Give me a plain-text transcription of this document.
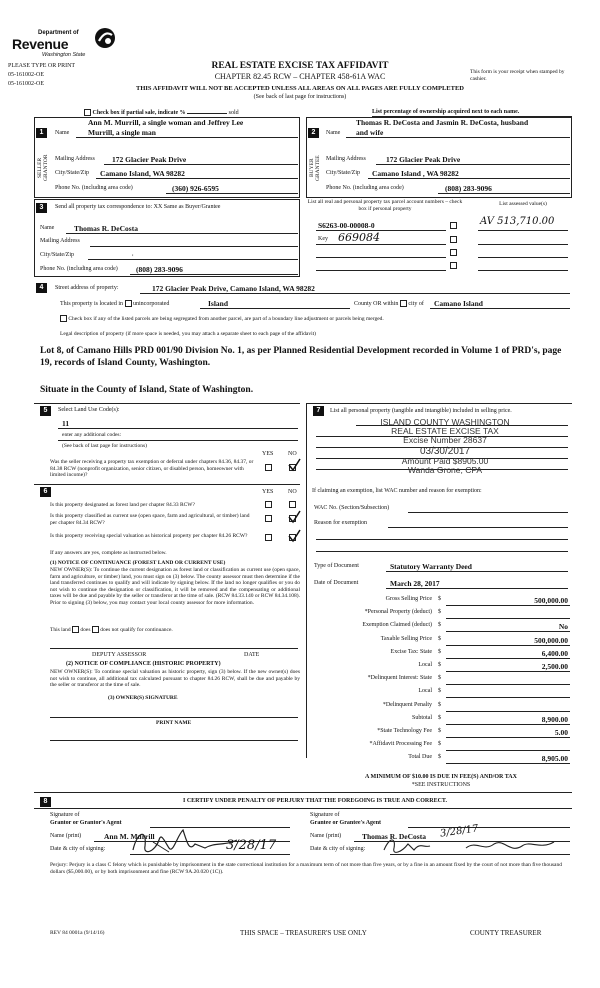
Department of
Revenue
Washington State
PLEASE TYPE OR PRINT
05-161002-OE
05-161002-OE
REAL ESTATE EXCISE TAX AFFIDAVIT
CHAPTER 82.45 RCW – CHAPTER 458-61A WAC	This form is your receipt when stamped by cashier.
THIS AFFIDAVIT WILL NOT BE ACCEPTED UNLESS ALL AREAS ON ALL PAGES ARE FULLY COMPLETED
(See back of last page for instructions)
Check box if partial sale, indicate %	sold	List percentage of ownership acquired next to each name.
1	Name
Ann M. Murrill, a single woman and Jeffrey Lee
Murrill, a single man
SELLER GRANTOR Mailing Address 172 Glacier Peak Drive
City/State/Zip Camano Island, WA 98282
Phone No. (including area code)	(360) 926-6595
2	Name
Thomas R. DeCosta and Jasmin R. DeCosta, husband
and wife
BUYER GRANTEE Mailing Address	172 Glacier Peak Drive
City/State/Zip Camano Island , WA 98282
Phone No. (including area code)	(808) 283-9096
3	Send all property tax correspondence to: XX Same as Buyer/Grantee
Name	Thomas R. DeCosta
Mailing Address
City/State/Zip	,
Phone No. (including area code) (808) 283-9096
List all real and personal property tax parcel account numbers – check box if personal property
List assessed value(s)
S6263-00-00008-0	AV 513,710.00
Key 669084
4	Street address of property:	172 Glacier Peak Drive, Camano Island, WA 98282
This property is located in unincorporated	Island	County OR within city of Camano Island
Check box if any of the listed parcels are being segregated from another parcel, are part of a boundary line adjustment or parcels being merged.
Legal description of property (if more space is needed, you may attach a separate sheet to each page of the affidavit)
Lot 8, of Camano Hills PRD 001/90 Division No. 1, as per Planned Residential Development recorded in Volume 1 of PRD's, page 19, records of Island County, Washington.
Situate in the County of Island, State of Washington.
5	Select Land Use Code(s):
11
enter any additional codes:
(See back of last page for instructions)
YES NO
Was the seller receiving a property tax exemption or deferral under chapters 84.36, 84.37, or 84.38 RCW (nonprofit organization, senior citizen, or disabled person, homeowner with limited income)?
6	YES NO
Is this property designated as forest land per chapter 84.33 RCW?
Is this property classified as current use (open space, farm and agricultural, or timber) land per chapter 84.34 RCW?
Is this property receiving special valuation as historical property per chapter 84.26 RCW?
If any answers are yes, complete as instructed below.
(1) NOTICE OF CONTINUANCE (FOREST LAND OR CURRENT USE)
NEW OWNER(S): To continue the current designation as forest land or classification as current use (open space, farm and agriculture, or timber) land, you must sign on (3) below. The county assessor must then determine if the land transferred continues to qualify and will indicate by signing below. If the land no longer qualifies or you do not wish to continue the designation or classification, it will be removed and the compensating or additional taxes will be due and payable by the seller or transferor at the time of sale. (RCW 84.33.140 or RCW 84.34.108). Prior to signing (3) below, you may contact your local county assessor for more information.
This land does does not qualify for continuance.
DEPUTY ASSESSOR	DATE
(2) NOTICE OF COMPLIANCE (HISTORIC PROPERTY)
NEW OWNER(S): To continue special valuation as historic property, sign (3) below. If the new owner(s) does not wish to continue, all additional tax calculated pursuant to chapter 84.26 RCW, shall be due and payable by the seller or transferor at the time of sale.
(3) OWNER(S) SIGNATURE
PRINT NAME
7	List all personal property (tangible and intangible) included in selling price.
ISLAND COUNTY WASHINGTON
REAL ESTATE EXCISE TAX
Excise Number 28637
03/30/2017
Amount Paid $8905.00
Wanda Grone, CPA
If claiming an exemption, list WAC number and reason for exemption:
WAC No. (Section/Subsection)
Reason for exemption
Type of Document	Statutory Warranty Deed
Date of Document	March 28, 2017
Gross Selling Price $	500,000.00
*Personal Property (deduct) $
Exemption Claimed (deduct) $	No
Taxable Selling Price $	500,000.00
Excise Tax: State $	6,400.00
Local $	2,500.00
*Delinquent Interest: State $
Local $
*Delinquent Penalty $
Subtotal $	8,900.00
*State Technology Fee $	5.00
*Affidavit Processing Fee $
Total Due $	8,905.00
A MINIMUM OF $10.00 IS DUE IN FEE(S) AND/OR TAX
*SEE INSTRUCTIONS
8	I CERTIFY UNDER PENALTY OF PERJURY THAT THE FOREGOING IS TRUE AND CORRECT.
Signature of
Grantor or Grantor's Agent
Name (print)	Ann M. Murrill
Date & city of signing:	3/28/17
Signature of
Grantee or Grantee's Agent
Name (print)	Thomas R. DeCosta
Date & city of signing:
3/28/17
Perjury: Perjury is a class C felony which is punishable by imprisonment in the state correctional institution for a maximum term of not more than five years, or by a fine in an amount fixed by the court of not more than five thousand dollars ($5,000.00), or by both imprisonment and fine (RCW 9A.20.020 (1C)).
REV 84 0001a (9/14/16)	THIS SPACE – TREASURER'S USE ONLY	COUNTY TREASURER
